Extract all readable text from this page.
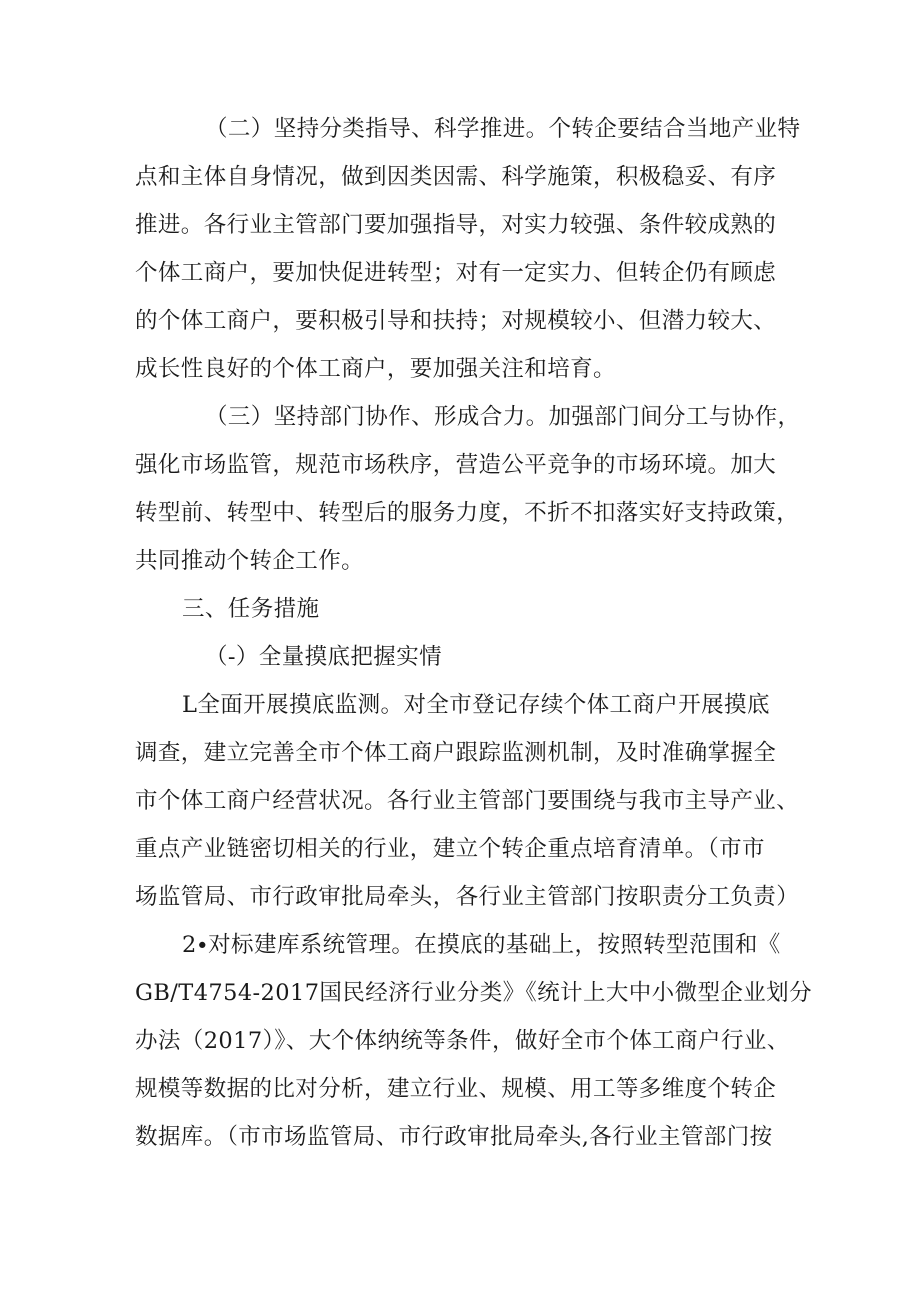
（二）坚持分类指导、科学推进。个转企要结合当地产业特
点和主体自身情况，做到因类因需、科学施策，积极稳妥、有序
推进。各行业主管部门要加强指导，对实力较强、条件较成熟的
个体工商户，要加快促进转型；对有一定实力、但转企仍有顾虑
的个体工商户，要积极引导和扶持；对规模较小、但潜力较大、
成长性良好的个体工商户，要加强关注和培育。
（三）坚持部门协作、形成合力。加强部门间分工与协作，
强化市场监管，规范市场秩序，营造公平竞争的市场环境。加大
转型前、转型中、转型后的服务力度，不折不扣落实好支持政策，
共同推动个转企工作。
三、任务措施
（-）全量摸底把握实情
L全面开展摸底监测。对全市登记存续个体工商户开展摸底
调查，建立完善全市个体工商户跟踪监测机制，及时准确掌握全
市个体工商户经营状况。各行业主管部门要围绕与我市主导产业、
重点产业链密切相关的行业，建立个转企重点培育清单。（市市
场监管局、市行政审批局牵头，各行业主管部门按职责分工负责）
2∙对标建库系统管理。在摸底的基础上，按照转型范围和《
GB/T4754-2017国民经济行业分类》《统计上大中小微型企业划分
办法（2017）》、大个体纳统等条件，做好全市个体工商户行业、
规模等数据的比对分析，建立行业、规模、用工等多维度个转企
数据库。（市市场监管局、市行政审批局牵头,各行业主管部门按
